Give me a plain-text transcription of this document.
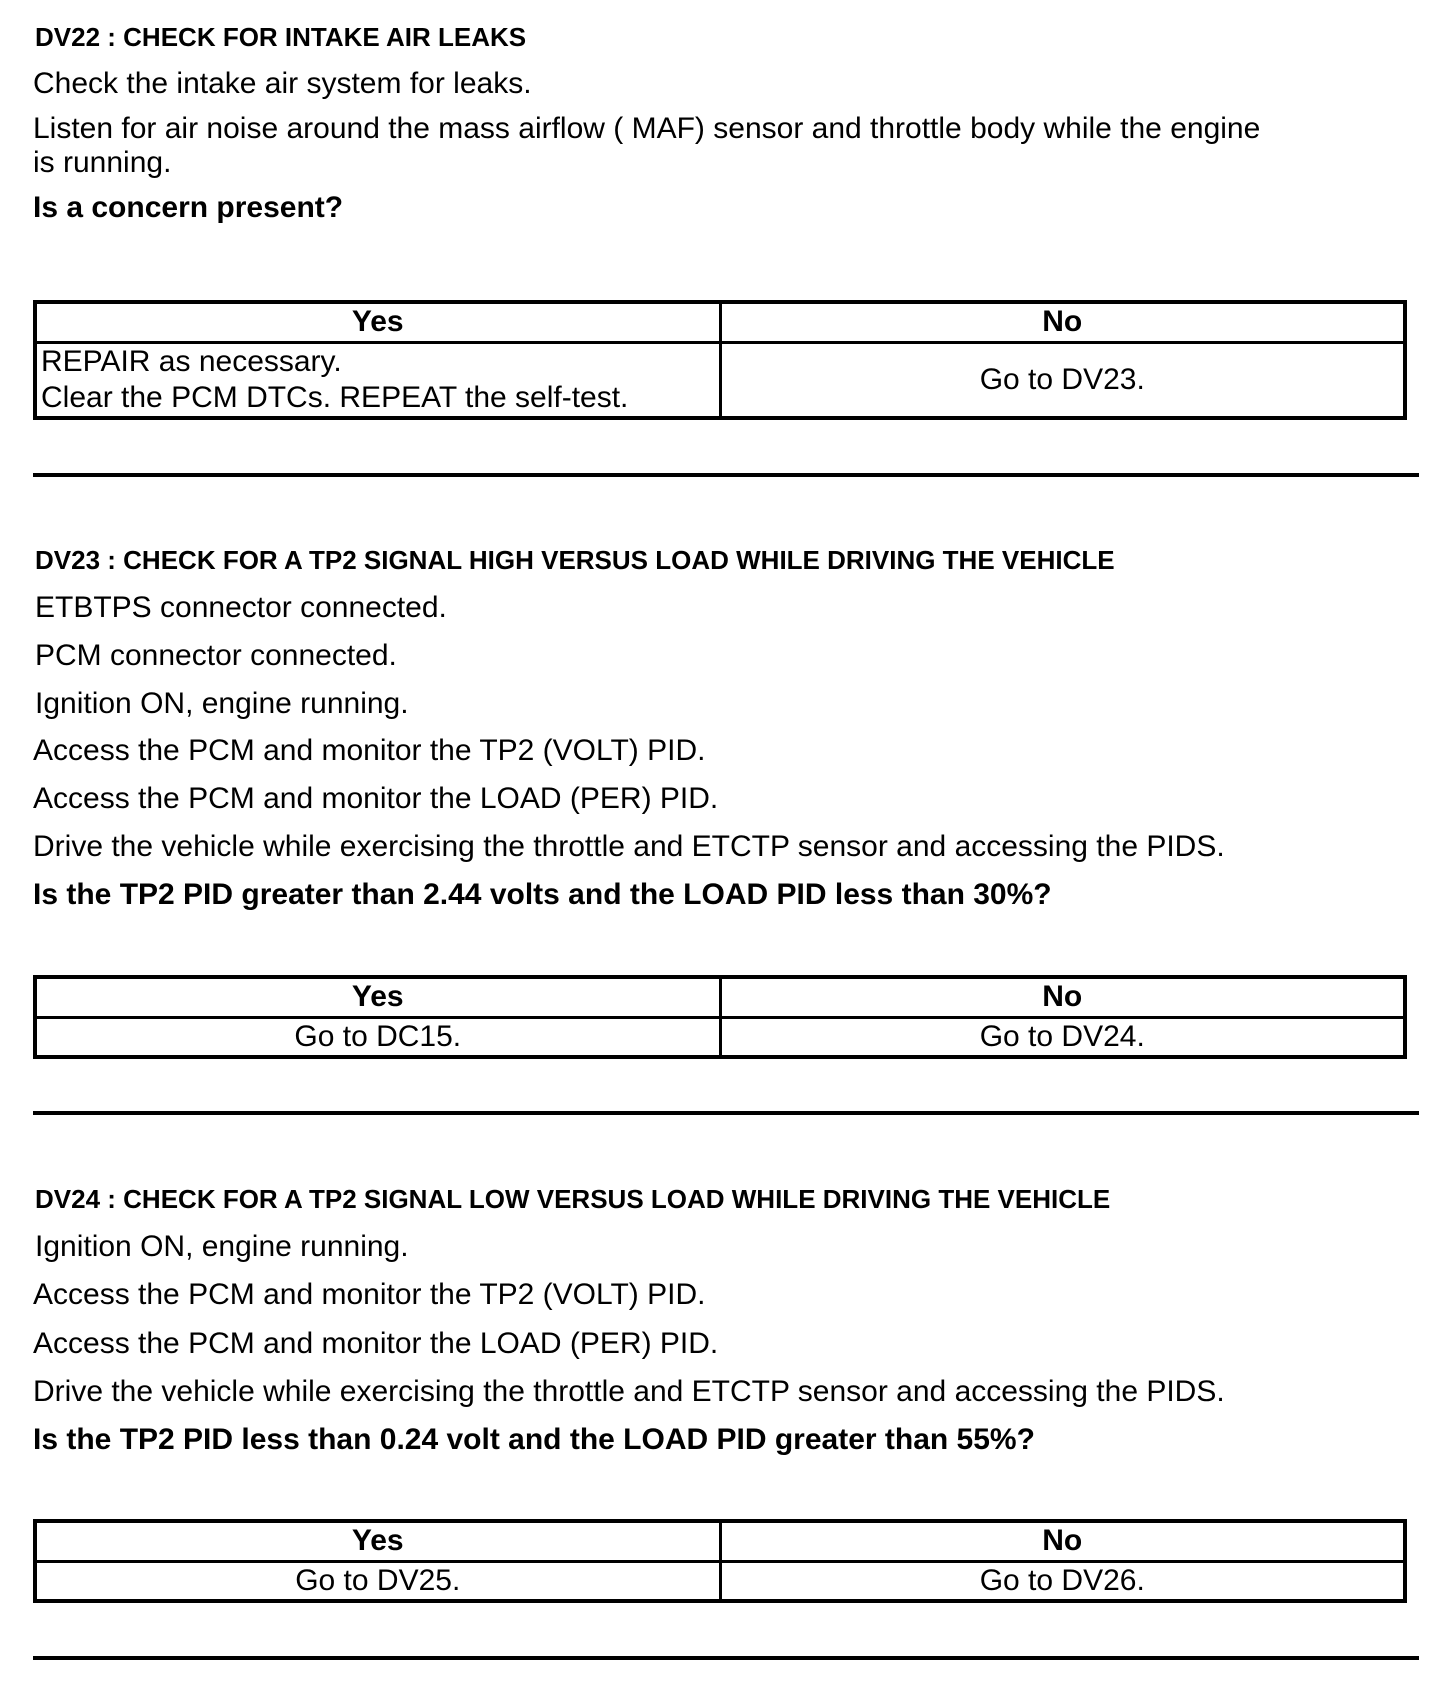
DV22 : CHECK FOR INTAKE AIR LEAKS
Check the intake air system for leaks.
Listen for air noise around the mass airflow ( MAF) sensor and throttle body while the engine
is running.
Is a concern present?
Yes	No

REPAIR as necessary.
Clear the PCM DTCs. REPEAT the self-test.	Go to DV23.
DV23 : CHECK FOR A TP2 SIGNAL HIGH VERSUS LOAD WHILE DRIVING THE VEHICLE
ETBTPS connector connected.
PCM connector connected.
Ignition ON, engine running.
Access the PCM and monitor the TP2 (VOLT) PID.
Access the PCM and monitor the LOAD (PER) PID.
Drive the vehicle while exercising the throttle and ETCTP sensor and accessing the PIDS.
Is the TP2 PID greater than 2.44 volts and the LOAD PID less than 30%?
Yes	No
Go to DC15.	Go to DV24.
DV24 : CHECK FOR A TP2 SIGNAL LOW VERSUS LOAD WHILE DRIVING THE VEHICLE
Ignition ON, engine running.
Access the PCM and monitor the TP2 (VOLT) PID.
Access the PCM and monitor the LOAD (PER) PID.
Drive the vehicle while exercising the throttle and ETCTP sensor and accessing the PIDS.
Is the TP2 PID less than 0.24 volt and the LOAD PID greater than 55%?
Yes	No
Go to DV25.	Go to DV26.
